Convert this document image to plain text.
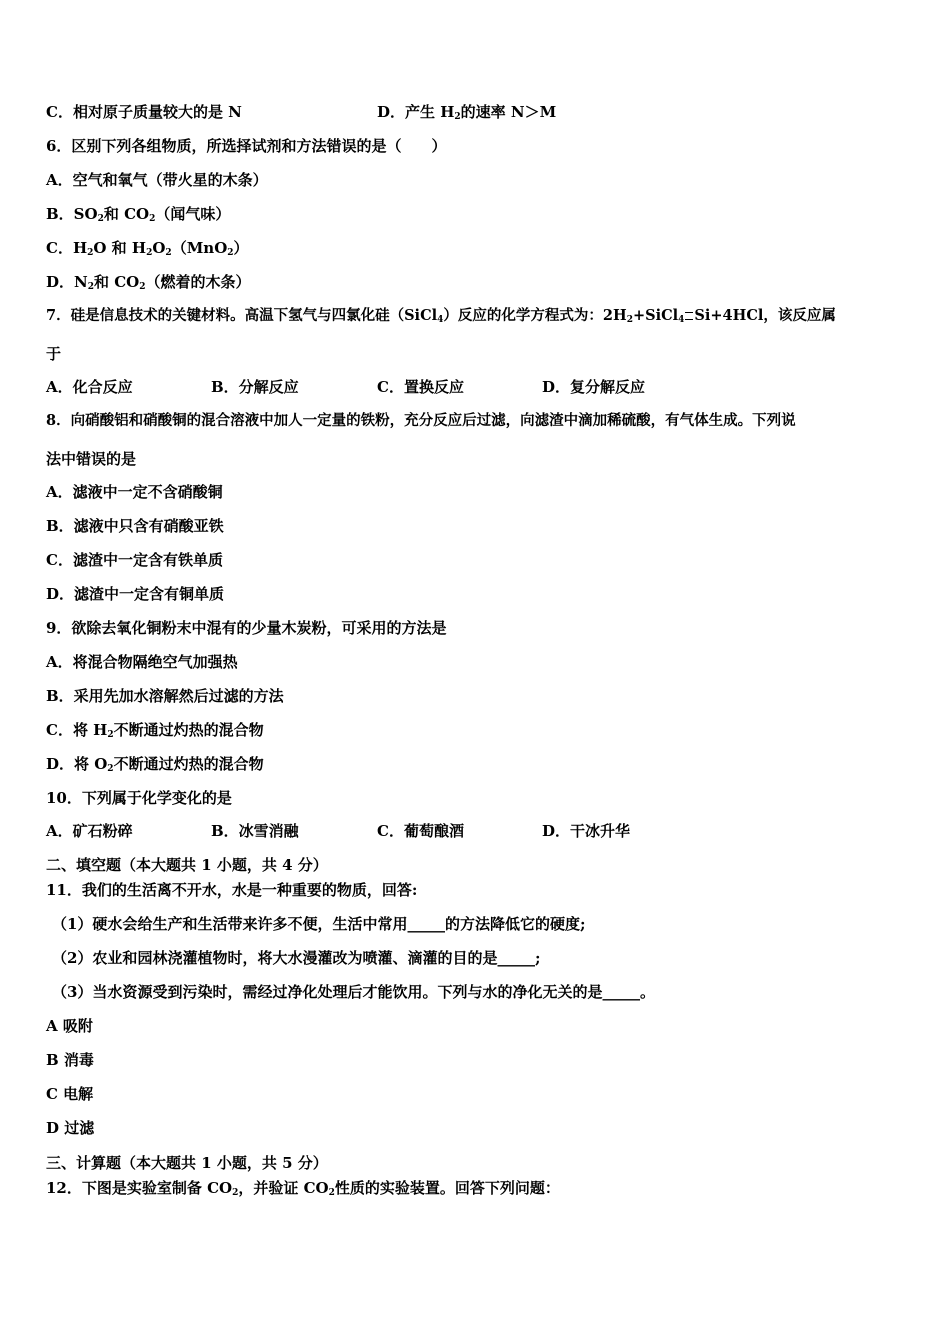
C．相对原子质量较大的是 N	D．产生 $H_2$的速率 N＞M
6．区别下列各组物质，所选择试剂和方法错误的是（　　）
A．空气和氧气（带火星的木条）
B．$SO_2$和 $CO_2$（闻气味）
C．$H_2O$ 和 $H_2O_2(MnO_2)$
D．$N_2$和 $CO_2$（燃着的木条）
7．硅是信息技术的关键材料。高温下氢气与四氯化硅（SiCl$_4$）反应的化学方程式为：$2H_2+SiCl_4$ Si+4HCl，该反应属
于
A．化合反应	B．分解反应	C．置换反应	D．复分解反应
8．向硝酸铝和硝酸铜的混合溶液中加人一定量的铁粉，充分反应后过滤，向滤渣中滴加稀硫酸，有气体生成。下列说
法中错误的是
A．滤液中一定不含硝酸铜
B．滤液中只含有硝酸亚铁
C．滤渣中一定含有铁单质
D．滤渣中一定含有铜单质
9．欲除去氧化铜粉末中混有的少量木炭粉，可采用的方法是
A．将混合物隔绝空气加强热
B．采用先加水溶解然后过滤的方法
C．将 $H_2$不断通过灼热的混合物
D．将 $O_2$不断通过灼热的混合物
10．下列属于化学变化的是
A．矿石粉碎	B．冰雪消融	C．葡萄酿酒	D．干冰升华
二、填空题（本大题共 1 小题，共 4 分）
11．我们的生活离不开水，水是一种重要的物质，回答:
（1）硬水会给生产和生活带来许多不便，生活中常用_____的方法降低它的硬度;
（2）农业和园林浇灌植物时，将大水漫灌改为喷灌、滴灌的目的是_____;
（3）当水资源受到污染时，需经过净化处理后才能饮用。下列与水的净化无关的是_____。
A 吸附
B 消毒
C 电解
D 过滤
三、计算题（本大题共 1 小题，共 5 分）
12．下图是实验室制备 $CO_2$，并验证 $CO_2$性质的实验装置。回答下列问题：
